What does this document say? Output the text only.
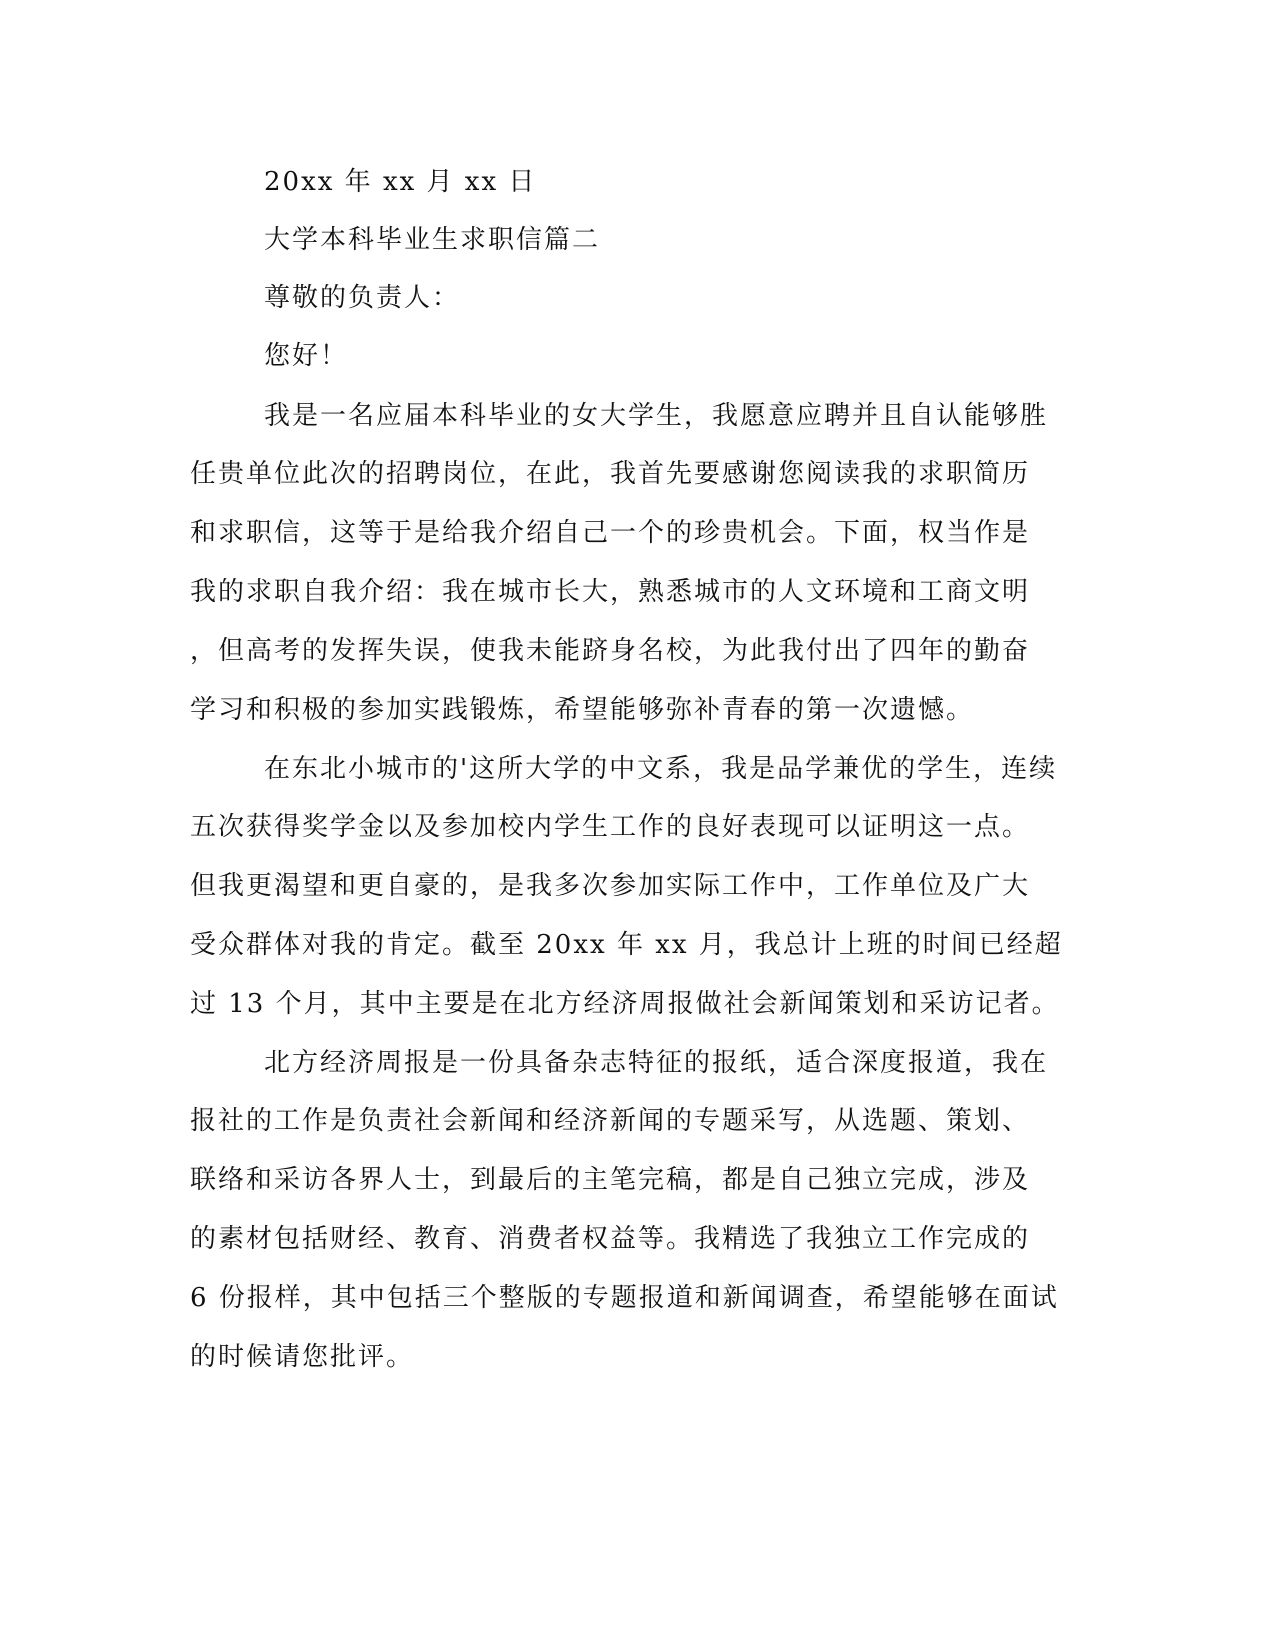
20xx 年 xx 月 xx 日
大学本科毕业生求职信篇二
尊敬的负责人：
您好！
我是一名应届本科毕业的女大学生，我愿意应聘并且自认能够胜
任贵单位此次的招聘岗位，在此，我首先要感谢您阅读我的求职简历
和求职信，这等于是给我介绍自己一个的珍贵机会。下面，权当作是
我的求职自我介绍：我在城市长大，熟悉城市的人文环境和工商文明
，但高考的发挥失误，使我未能跻身名校，为此我付出了四年的勤奋
学习和积极的参加实践锻炼，希望能够弥补青春的第一次遗憾。
在东北小城市的'这所大学的中文系，我是品学兼优的学生，连续
五次获得奖学金以及参加校内学生工作的良好表现可以证明这一点。
但我更渴望和更自豪的，是我多次参加实际工作中，工作单位及广大
受众群体对我的肯定。截至 20xx 年 xx 月，我总计上班的时间已经超
过 13 个月，其中主要是在北方经济周报做社会新闻策划和采访记者。
北方经济周报是一份具备杂志特征的报纸，适合深度报道，我在
报社的工作是负责社会新闻和经济新闻的专题采写，从选题、策划、
联络和采访各界人士，到最后的主笔完稿，都是自己独立完成，涉及
的素材包括财经、教育、消费者权益等。我精选了我独立工作完成的
6 份报样，其中包括三个整版的专题报道和新闻调查，希望能够在面试
的时候请您批评。
